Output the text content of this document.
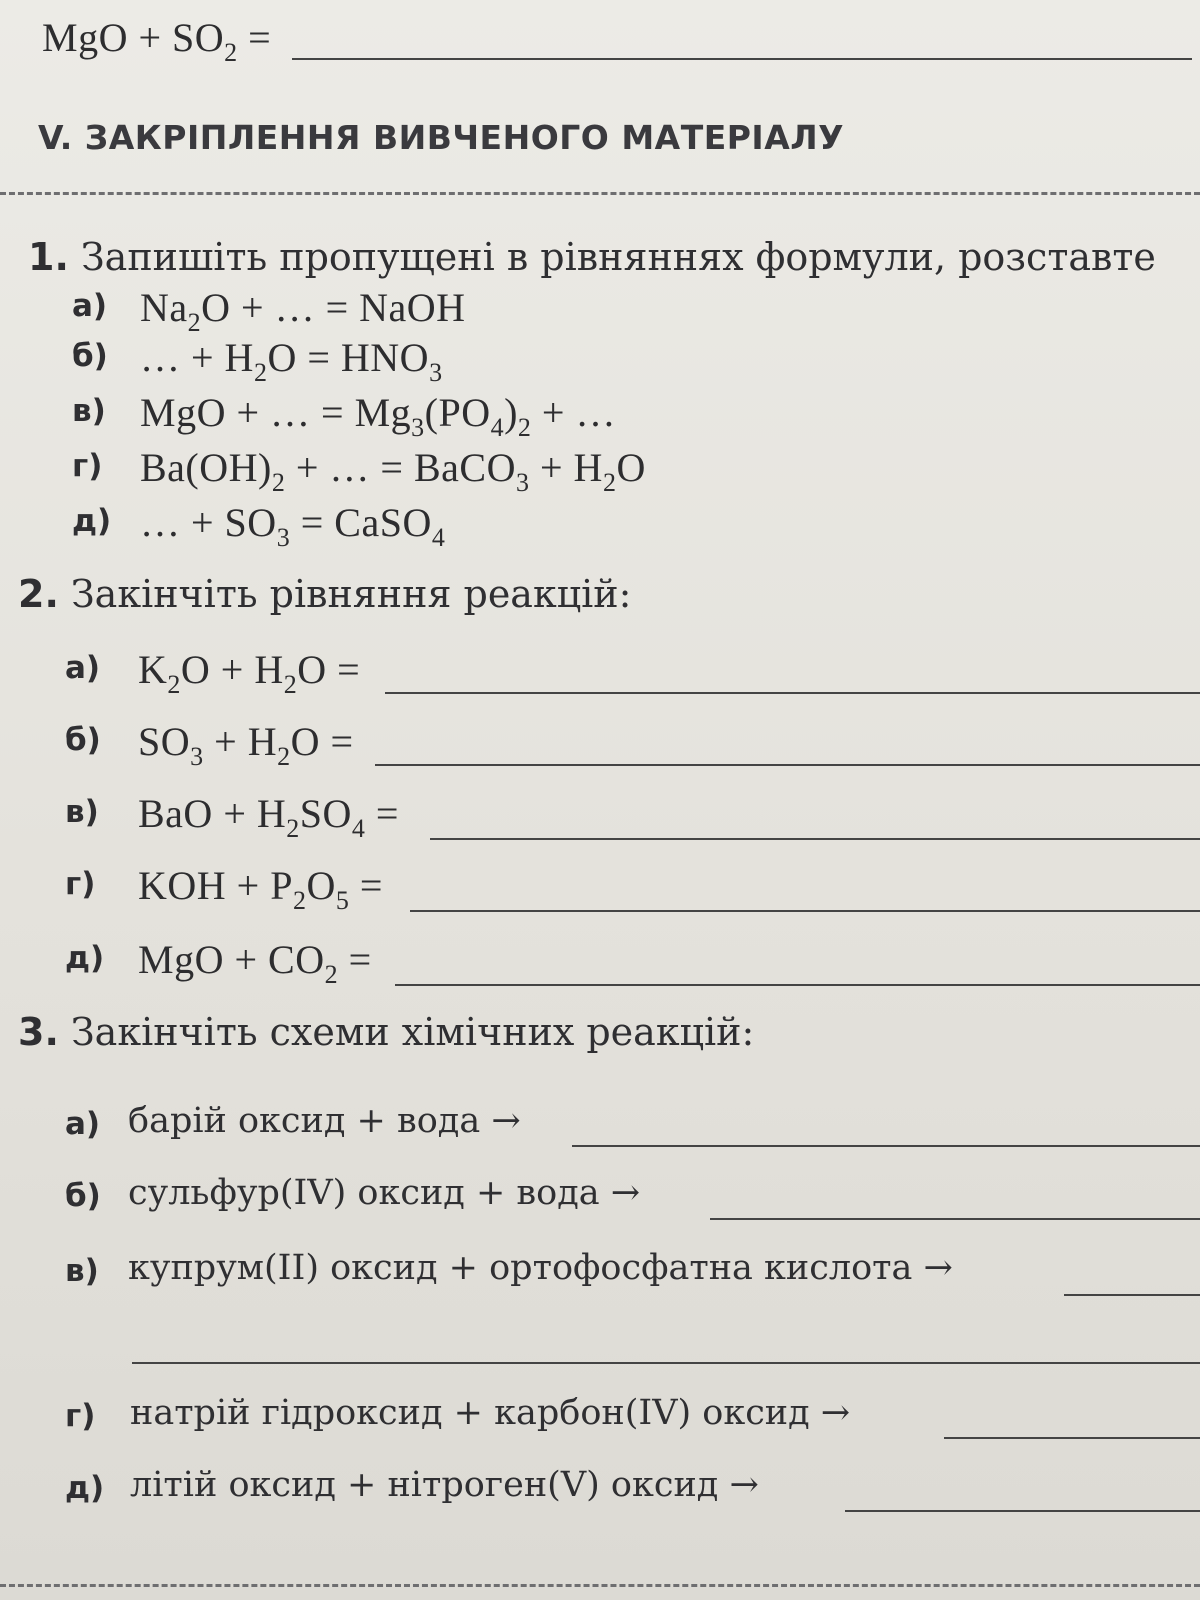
MgO + $SO_2$ =
V. ЗАКРІПЛЕННЯ ВИВЧЕНОГО МАТЕРІАЛУ
1. Запишіть пропущені в рівняннях формули, розставте
а) $Na_2O$ + … = NaOH
б) … + $H_2O = HNO_3$
в) MgO + … = $Mg_3(PO_4)_2$ + …
г) $Ba(OH)_2$ + … = BaCO$_3$ + $H_2O$
д) … + $SO_3$ = CaSO$_4$
2. Закінчіть рівняння реакцій:
а) $K_2O + H_2O$ =
б) $SO_3 + H_2O$ =
в) BaO + $H_2SO_4$ =
г)	KOH + $P_2O_5$ =
д) MgO + $CO_2$ =
3. Закінчіть схеми хімічних реакцій:
а) барій оксид + вода →
б) сульфур(IV) оксид + вода →
в) купрум(II) оксид + ортофосфатна кислота →
г) натрій гідроксид + карбон(IV) оксид →
д) літій оксид + нітроген(V) оксид →
